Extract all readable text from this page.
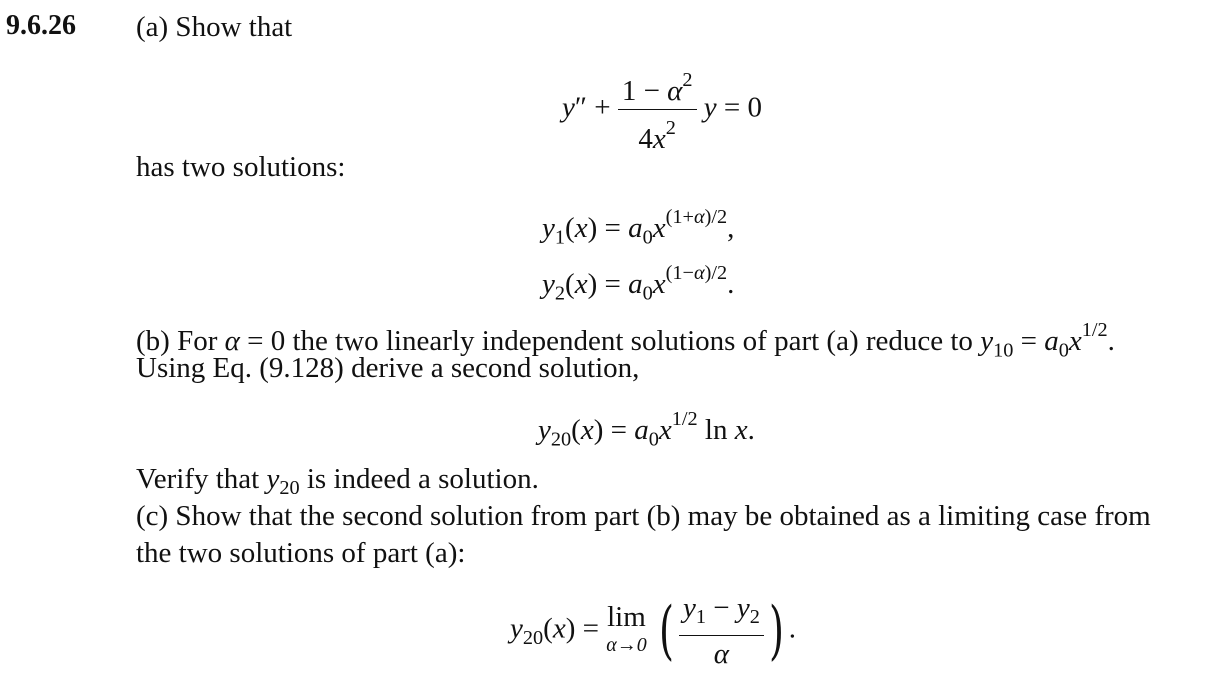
9.6.26 (a) Show that
$y'' + \frac{1 - \alpha^2}{4x^2}$ y = 0
has two solutions:
$y_1(x) = a_0x^{(1+\alpha)/2}$,
$y_2(x) = a_0x^{(1-\alpha)/2}$.
(b) For α = 0 the two linearly independent solutions of part (a) reduce to $y_{10} = a_0x^{1/2}$.
Using Eq. (9.128) derive a second solution,
$y_{20}(x) = a_0x^{1/2}$ ln x.
Verify that $y_{20}$ is indeed a solution.
(c) Show that the second solution from part (b) may be obtained as a limiting case from
the two solutions of part (a):
$y_{20}(x) = \lim$
α→0 ( $\frac{y_1 - y_2}{\alpha}$ ) .
